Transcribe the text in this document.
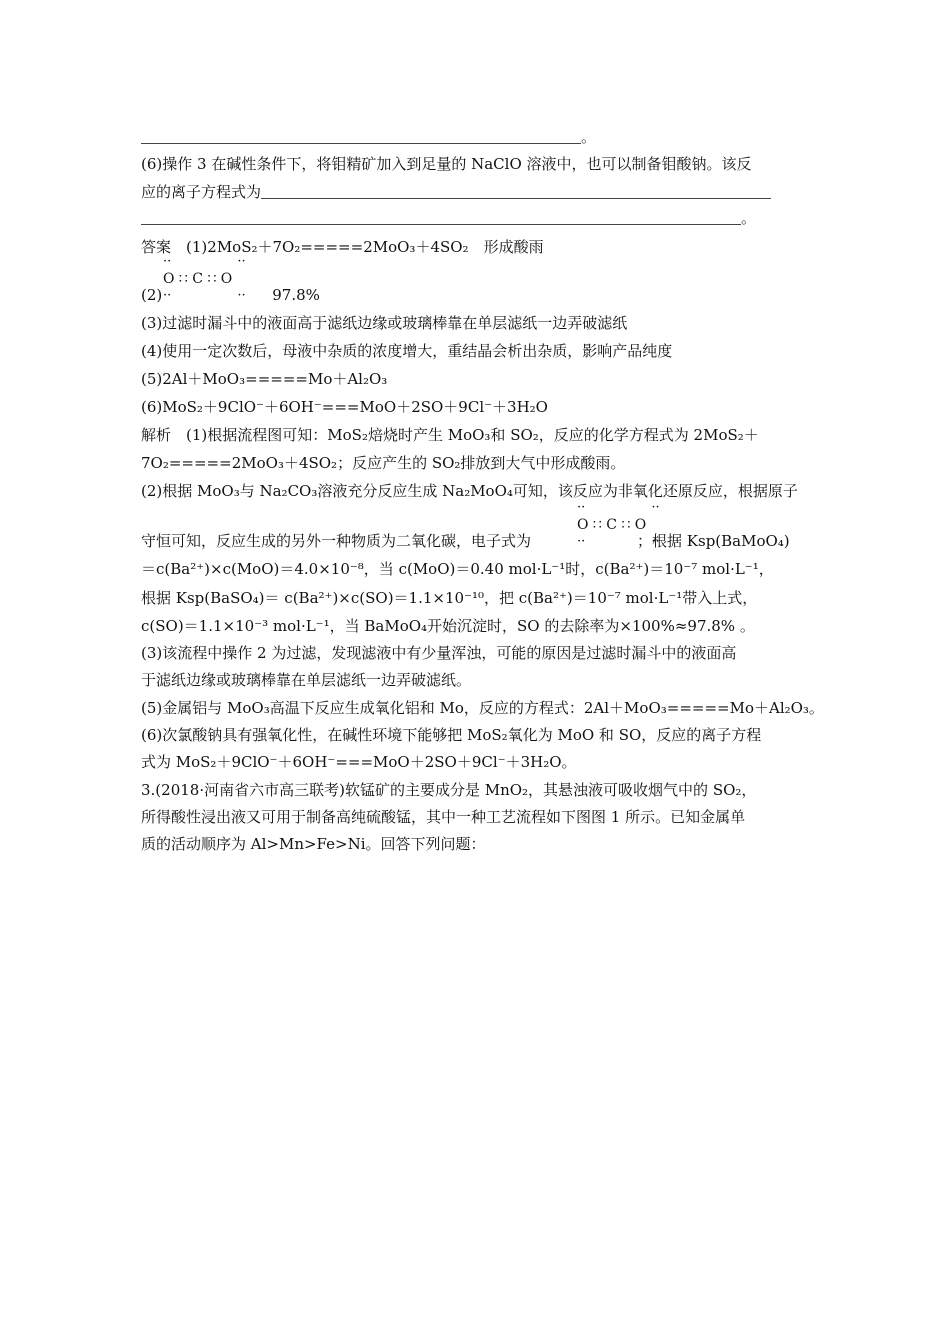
。
(6)操作 3 在碱性条件下，将钼精矿加入到足量的 NaClO 溶液中，也可以制备钼酸钠。该反
应的离子方程式为
。
答案　 (1)2MoS₂＋7O₂=====2MoO₃＋4SO₂　形成酸雨
··                ··
O ∷ C ∷ O
(2)	97.8%
··                ··
(3)过滤时漏斗中的液面高于滤纸边缘或玻璃棒靠在单层滤纸一边弄破滤纸
(4)使用一定次数后，母液中杂质的浓度增大，重结晶会析出杂质，影响产品纯度
(5)2Al＋MoO₃=====Mo＋Al₂O₃
(6)MoS₂＋9ClO⁻＋6OH⁻===MoO＋2SO＋9Cl⁻＋3H₂O
解析　 (1)根据流程图可知：MoS₂焙烧时产生 MoO₃和 SO₂，反应的化学方程式为 2MoS₂＋
7O₂=====2MoO₃＋4SO₂；反应产生的 SO₂排放到大气中形成酸雨。
(2)根据 MoO₃与 Na₂CO₃溶液充分反应生成 Na₂MoO₄可知，该反应为非氧化还原反应，根据原子
··                ··
O ∷ C ∷ O
守恒可知，反应生成的另外一种物质为二氧化碳，电子式为	；根据 Ksp(BaMoO₄)
··                ··
＝c(Ba²⁺)×c(MoO)＝4.0×10⁻⁸，当 c(MoO)＝0.40 mol·L⁻¹时，c(Ba²⁺)＝10⁻⁷ mol·L⁻¹，
根据 Ksp(BaSO₄)＝ c(Ba²⁺)×c(SO)＝1.1×10⁻¹⁰，把 c(Ba²⁺)＝10⁻⁷ mol·L⁻¹带入上式，
c(SO)＝1.1×10⁻³ mol·L⁻¹，当 BaMoO₄开始沉淀时，SO 的去除率为×100%≈97.8% 。
(3)该流程中操作 2 为过滤，发现滤液中有少量浑浊，可能的原因是过滤时漏斗中的液面高
于滤纸边缘或玻璃棒靠在单层滤纸一边弄破滤纸。
(5)金属铝与 MoO₃高温下反应生成氧化铝和 Mo，反应的方程式：2Al＋MoO₃=====Mo＋Al₂O₃。
(6)次氯酸钠具有强氧化性，在碱性环境下能够把 MoS₂氧化为 MoO 和 SO，反应的离子方程
式为 MoS₂＋9ClO⁻＋6OH⁻===MoO＋2SO＋9Cl⁻＋3H₂O。
3.(2018·河南省六市高三联考)软锰矿的主要成分是 MnO₂，其悬浊液可吸收烟气中的 SO₂，
所得酸性浸出液又可用于制备高纯硫酸锰，其中一种工艺流程如下图图 1 所示。已知金属单
质的活动顺序为 Al>Mn>Fe>Ni。回答下列问题：
